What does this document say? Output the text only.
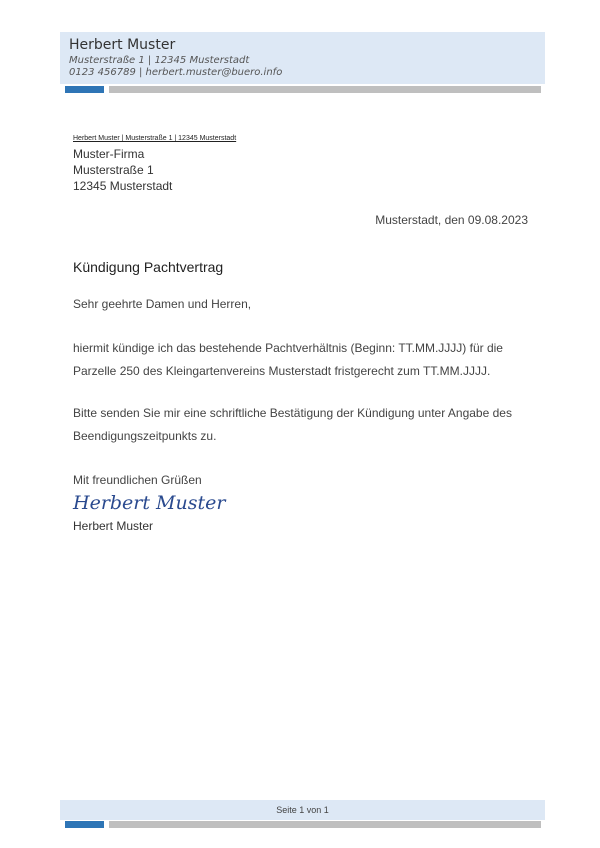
Herbert Muster
Musterstraße 1 | 12345 Musterstadt
0123 456789 | herbert.muster@buero.info
Herbert Muster | Musterstraße 1 | 12345 Musterstadt
Muster-Firma
Musterstraße 1
12345 Musterstadt
Musterstadt, den 09.08.2023
Kündigung Pachtvertrag
Sehr geehrte Damen und Herren,
hiermit kündige ich das bestehende Pachtverhältnis (Beginn: TT.MM.JJJJ) für die
Parzelle 250 des Kleingartenvereins Musterstadt fristgerecht zum TT.MM.JJJJ.
Bitte senden Sie mir eine schriftliche Bestätigung der Kündigung unter Angabe des
Beendigungszeitpunkts zu.
Mit freundlichen Grüßen
Herbert Muster
Herbert Muster
Seite 1 von 1
